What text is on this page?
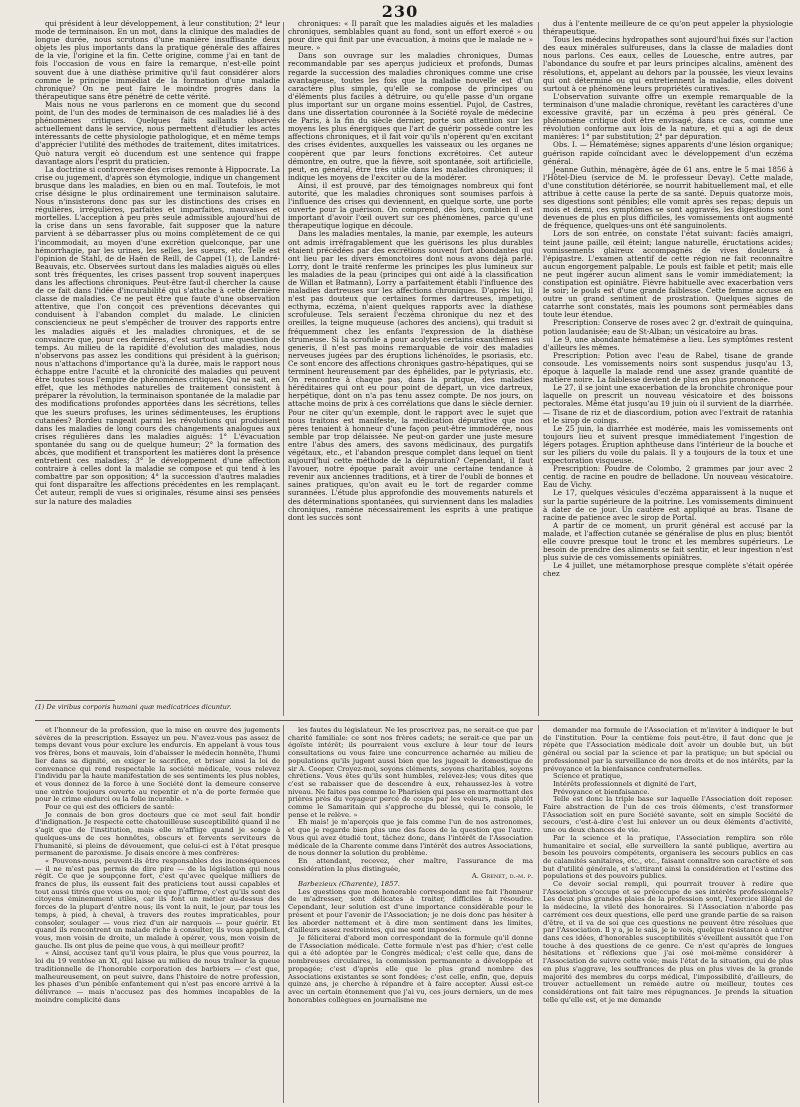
230

qui président à leur développement, à leur constitution; 2° leur mode de terminaison. En un mot, dans la clinique des maladies de longue durée, nous scrutons d'une manière insuffisante deux objets les plus importants dans la pratique générale des affaires de la vie, l'origine et la fin. Cette origine, comme j'ai en tant de fois l'occasion de vous en faire la remarque, n'est-elle point souvent due à une diathèse primitive qu'il faut considérer alors comme le principe immédiat de la formation d'une maladie chronique? On ne peut faire le moindre progrès dans la thérapeutique sans être pénétré de cette vérité.

Mais nous ne vous parlerons en ce moment que du second point, de l'un des modes de terminaison de ces maladies lié à des phénomènes critiques. Quelques faits saillants observés actuellement dans le service, nous permettent d'étudier les actes intéressants de cette physiologie pathologique, et en même temps d'apprécier l'utilité des méthodes de traitement, dites imitatrices. Quò natura vergit eò ducendum est une sentence qui frappe davantage alors l'esprit du praticien.

La doctrine si controversée des crises remonte à Hippocrate. La crise ou jugement, d'après son étymologie, indique un changement brusque dans les maladies, en bien ou en mal. Toutefois, le mot crise désigne le plus ordinairement une terminaison salutaire. Nous n'insisterons donc pas sur les distinctions des crises en régulières, irrégulières, parfaites et imparfaites, mauvaises et mortelles. L'acception à peu près seule admissible aujourd'hui de la crise dans un sens favorable, fait supposer que la nature parvient à se débarrasser plus ou moins complètement de ce qui l'incommodait, au moyen d'une excrétion quelconque, par une hémorrhagie, par les urines, les selles, les sueurs, etc. Telle est l'opinion de Stahl, de de Haën de Reill, de Cappel (1), de Landré-Beauvais, etc. Observées surtout dans les maladies aiguës où elles sont très fréquentes, les crises passent trop souvent inaperçues dans les affections chroniques. Peut-être faut-il chercher la cause de ce fait dans l'idée d'incurabilité qui s'attache à cette dernière classe de maladies. Ce ne peut être que faute d'une observation attentive, que l'on conçoit ces préventions décevantes qui conduisent à l'abandon complet du malade. Le clinicien consciencieux ne peut s'empêcher de trouver des rapports entre les maladies aiguës et les maladies chroniques, et de se convaincre que, pour ces dernières, c'est surtout une question de temps. Au milieu de la rapidité d'évolution des maladies, nous n'observons pas assez les conditions qui président à la guérison; nous n'attachons d'importance qu'à la durée, mais le rapport nous échappe entre l'acuité et la chronicité des maladies qui peuvent être toutes sous l'empire de phénomènes critiques. Qui ne sait, en effet, que les méthodes naturelles de traitement consistent à préparer la révolution, la terminaison spontanée de la maladie par des modifications profondes apportées dans les sécrétions, telles que les sueurs profuses, les urines sédimenteuses, les éruptions cutanées? Bordeu rangeait parmi les révolutions qui produisent dans les maladies de long cours des changements analogues aux crises régulières dans les maladies aiguës: 1° L'évacuation spontanée du sang ou de quelque humeur; 2° la formation des abcès, que modifient et transportent les matières dont la présence entretient ces maladies; 3° le développement d'une affection contraire à celles dont la maladie se compose et qui tend à les combattre par son opposition; 4° la succession d'autres maladies qui font disparaître les affections précédentes en les remplaçant. Cet auteur, rempli de vues si originales, résume ainsi ses pensées sur la nature des maladies

(1) De viribus corporis humani quæ medicatrices dicuntur.

chroniques: « Il paraît que les maladies aiguës et les maladies chroniques, semblables quant au fond, sont un effort exercé » ou pour dire qui finit par une évacuation, à moins que le malade ne » meure. »

Dans son ouvrage sur les maladies chroniques, Dumas recommandable par ses aperçus judicieux et profonds, Dumas regarde la succession des maladies chroniques comme une crise avantageuse, toutes les fois que la maladie nouvelle est d'un caractère plus simple, qu'elle se compose de principes ou d'éléments plus faciles à détruire, ou qu'elle passe d'un organe plus important sur un organe moins essentiel. Pujol, de Castres, dans une dissertation couronnée à la Société royale de médecine de Paris, à la fin du siècle dernier, porte son attention sur les moyens les plus énergiques que l'art de guérir possède contre les affections chroniques, et il fait voir qu'ils n'opèrent qu'en excitant des crises évidentes, auxquelles les vaisseaux ou les organes ne coopèrent que par leurs fonctions excrétoires. Cet auteur démontre, en outre, que la fièvre, soit spontanée, soit artificielle, peut, en général, être très utile dans les maladies chroniques; il indique les moyens de l'exciter ou de la modérer.

Ainsi, il est prouvé, par des témoignages nombreux qui font autorité, que les maladies chroniques sont soumises parfois à l'influence des crises qui deviennent, en quelque sorte, une porte ouverte pour la guérison. On comprend, dès lors, combien il est important d'avoir l'œil ouvert sur ces phénomènes, parce qu'une thérapeutique logique en découle.

Dans les maladies mentales, la manie, par exemple, les auteurs ont admis irréfragablement que les guérisons les plus durables étaient précédées par des excrétions souvent fort abondantes qui ont lieu par les divers émonctoires dont nous avons déjà parlé. Lorry, dont le traité renferme les principes les plus lumineux sur les maladies de la peau (principes qui ont aidé à la classification de Willan et Batmann), Lorry a parfaitement établi l'influence des maladies dartreuses sur les affections chroniques. D'après lui, il n'est pas douteux que certaines formes dartreuses, impetigo, ecthyma, eczéma, n'aient quelques rapports avec la diathèse scrofuleuse. Tels seraient l'eczéma chronique du nez et des oreilles, la teigne muqueuse (achores des anciens), qui traduit si fréquemment chez les enfants l'expression de la diathèse strumeuse. Si la scrofule a pour acolytes certains exanthèmes sui generis, il n'est pas moins remarquable de voir des maladies nerveuses jugées par des éruptions lichénoïdes, le psoriasis, etc. Ce sont encore des affections chroniques gastro-hépatiques, qui se terminent heureusement par des éphélides, par le pytyriasis, etc. On rencontre à chaque pas, dans la pratique, des maladies héréditaires qui ont eu pour point de départ, un vice dartreux, herpétique, dont on n'a pas tenu assez compte. De nos jours, on attache moins de prix à ces corrélations que dans le siècle dernier. Pour ne citer qu'un exemple, dont le rapport avec le sujet que nous traitons est manifeste, la médication dépurative que nos pères tenaient à honneur d'une façon peut-être immodérée, nous semble par trop délaissée. Ne peut-on garder une juste mesure entre l'abus des amers, des savons médicinaux, des purgatifs végétaux, etc., et l'abandon presque complet dans lequel on tient aujourd'hui cette méthode de la dépuration? Cependant, il faut l'avouer, notre époque paraît avoir une certaine tendance à revenir aux anciennes traditions, et à tirer de l'oubli de bonnes et saines pratiques, qu'on avait eu le tort de regarder comme surannées. L'étude plus approfondie des mouvements naturels et des déterminations spontanées, qui surviennent dans les maladies chroniques, ramène nécessairement les esprits à une pratique dont les succès sont

dus à l'entente meilleure de ce qu'on peut appeler la physiologie thérapeutique.

Tous les médecins hydropathes sont aujourd'hui fixés sur l'action des eaux minérales sulfureuses, dans la classe de maladies dont nous parlons. Ces eaux, celles de Louesche, entre autres, par l'abondance du soufre et par leurs principes alcalins, amènent des résolutions, et, appelant au dehors par la poussée, les vieux levains qui ont déterminé ou qui entretiennent la maladie, elles doivent surtout à ce phénomène leurs propriétés curatives.

L'observation suivante offre un exemple remarquable de la terminaison d'une maladie chronique, revêtant les caractères d'une excessive gravité, par un eczéma à peu près général. Ce phénomène critique doit être envisagé, dans ce cas, comme une révolution conforme aux lois de la nature, et qui a agi de deux manières: 1° par substitution; 2° par dépuration.

Obs. I. — Hématémèse; signes apparents d'une lésion organique; guérison rapide coïncidant avec le développement d'un eczéma général.

Jeanne Guthin, ménagère, âgée de 61 ans, entre le 5 mai 1856 à l'Hôtel-Dieu (service de M. le professeur Devay). Cette malade, d'une constitution détériorée, se nourrit habituellement mal, et elle attribue à cette cause la perte de sa santé. Depuis quatorze mois, ses digestions sont pénibles; elle vomit après ses repas; depuis un mois et demi, ces symptômes se sont aggravés, les digestions sont devenues de plus en plus difficiles, les vomissements ont augmenté de fréquence, quelques-uns ont été sanguinolents.

Lors de son entrée, on constate l'état suivant: faciès amaigri, teint jaune paille, œil éteint; langue naturelle, éructations acides; vomissements glaireux accompagnés de vives douleurs à l'épigastre. L'examen attentif de cette région ne fait reconnaître aucun engorgement palpable. Le pouls est faible et petit; mais elle ne peut ingérer aucun aliment sans le vomir immédiatement; la constipation est opiniâtre. Fièvre habituelle avec exacerbation vers le soir; le pouls est d'une grande faiblesse. Cette femme accuse en outre un grand sentiment de prostration. Quelques signes de catarrhe sont constatés, mais les poumons sont perméables dans toute leur étendue.

Prescription: Conserve de roses avec 2 gr. d'extrait de quinquina, potion laudanisée; eau de St-Alban; un vésicatoire au bras.

Le 9, une abondante hématémèse a lieu. Les symptômes restent d'ailleurs les mêmes.

Prescription: Potion avec l'eau de Rabel, tisane de grande consoude. Les vomissements noirs sont suspendus jusqu'au 13, époque à laquelle la malade rend une assez grande quantité de matière noire. La faiblesse devient de plus en plus prononcée.

Le 27, il se joint une exacerbation de la bronchite chronique pour laquelle on prescrit un nouveau vésicatoire et des boissons pectorales. Même état jusqu'au 19 juin où il survient de la diarrhée. — Tisane de riz et de diascordium, potion avec l'extrait de ratanhia et le sirop de coings.

Le 25 juin, la diarrhée est modérée, mais les vomissements ont toujours lieu et suivent presque immédiatement l'ingestion de légers potages. Éruption aphtheuse dans l'intérieur de la bouche et sur les piliers du voile du palais. Il y a toujours de la toux et une expectoration visqueuse.

Prescription: Poudre de Colombo, 2 grammes par jour avec 2 centig. de racine en poudre de belladone. Un nouveau vésicatoire. Eau de Vichy.

Le 17, quelques vésicules d'eczéma apparaissent à la nuque et sur la partie supérieure de la poitrine. Les vomissements diminuent à dater de ce jour. Un cautère est appliqué au bras. Tisane de racine de patience avec le sirop de Portal.

A partir de ce moment, un prurit général est accusé par la malade, et l'affection cutanée se généralise de plus en plus; bientôt elle couvre presque tout le tronc et les membres supérieurs. Le besoin de prendre des aliments se fait sentir, et leur ingestion n'est plus suivie de ces vomissements opiniâtres.

Le 4 juillet, une métamorphose presque complète s'était opérée chez

et l'honneur de la profession, que la mise en œuvre des jugements sévères de la prescription. Essayez un peu. N'avez-vous pas assez de temps devant vous pour exclure les endurcis. En appelant à vous tous vos frères, bons et mauvais, loin d'abaisser le médecin honnête, l'humi lier dans sa dignité, en exiger le sacrifice, et briser ainsi la loi de convenance qui rend respectable la société médicale, vous relevez l'individu par la haute manifestation de ses sentiments les plus nobles, et vous donnez de la force à une Société dont la demeure conserve une entrée toujours ouverte au repentir et n'a de porte fermée que pour le crime endurci ou la folie incurable. »

Pour ce qui est des officiers de santé:

Je connais de bon gros docteurs que ce mot seul fait bondir d'indignation. Je respecte cette chatouilleuse susceptibilité quand il ne s'agit que de l'institution, mais elle m'afflige quand je songe à quelques-uns de ces honnêtes, obscurs et fervents serviteurs de l'humanité, si pleins de dévouement, que celui-ci est à l'état presque permanent de paroxisme. Je disais encore à mes confrères:

« Pouvons-nous, peuvent-ils être responsables des inconséquences — il ne m'est pas permis de dire pire — de la législation qui nous régit. Ce que je soupçonne fort, c'est qu'avec quelque milliers de francs de plus, ils eussent fait des praticiens tout aussi capables et tout aussi titrés que vous ou moi; ce que j'affirme, c'est qu'ils sont des citoyens éminemment utiles, car ils font un métier au-dessus des forces de la plupart d'entre nous; ils vont la nuit, le jour, par tous les temps, à pied, à cheval, à travers des routes impraticables, pour consoler, soulager — vous riez d'un air narquois — pour guérir. Et quand ils rencontrent un malade riche à consulter, ils vous appellent, vous, mon voisin de droite, un malade à opérer, vous, mon voisin de gauche. Ils ont plus de peine que vous, à qui meilleur profit?

« Ainsi, accusez tant qu'il vous plaira, le plus que vous pourrez, la loi du 19 ventôse an XI, qui laisse au milieu de nous traîner la queue traditionnelle de l'honorable corporation des barbiers — c'est que, malheureusement, on peut suivre, dans l'histoire de notre profession, les phases d'un pénible enfantement qui n'est pas encore arrivé à la délivrance — mais n'accusez pas des hommes incapables de la moindre complicité dans

les fautes du législateur. Ne les proscrivez pas, ne serait-ce que par charité familiale: ce sont nos frères cadets; ne serait-ce que par un égoïste intérêt; ils pourraient vous exclure à leur tour de leurs consultations ou vous faire une concurrence acharnée au milieu de populations qu'ils jugent aussi bien que les jugeait le domestique de sir A. Cooper. Croyez-moi, soyons cléments, soyons charitables, soyons chrétiens. Vous êtes qu'ils sont humbles, relevez-les; vous dites que c'est se rabaisser que de descendre à eux, rehaussez-les à votre niveau. Ne faites pas comme le Pharisien qui passe en marmottant des prières près du voyageur percé de coups par les voleurs, mais plutôt comme le Samaritain qui s'approche du blessé, qui le console, le pense et le relève. »

Eh mais! je m'aperçois que je fais comme l'un de nos astronomes, et que je regarde bien plus une des faces de la question que l'autre. Vous qui avez étudié tout, tâchez donc, dans l'intérêt de l'Association médicale de la Charente comme dans l'intérêt des autres Associations, de nous donner la solution du problème.

En attendant, recevez, cher maître, l'assurance de ma considération la plus distinguée,

A. Grenet, d.-m. p.

Barbezieux (Charente), 1857.

Les questions que mon honorable correspondant me fait l'honneur de m'adresser, sont délicates à traiter, difficiles à résoudre. Cependant, leur solution est d'une importance considérable pour le présent et pour l'avenir de l'Association; je ne dois donc pas hésiter à les aborder nettement et à dire mon sentiment dans les limites, d'ailleurs assez restreintes, qui me sont imposées.

Je féliciterai d'abord mon correspondant de la formule qu'il donne de l'Association médicale. Cette formule n'est pas d'hier; c'est celle qui a été adoptée par le Congrès médical; c'est celle que, dans de nombreuses circulaires, la commission permanente a développée et propagée; c'est d'après elle que le plus grand nombre des Associations existantes se sont fondées; c'est celle, enfin, que, depuis quinze ans, je cherche à répandre et à faire accepter. Aussi est-ce avec un certain étonnement que j'ai vu, ces jours derniers, un de mes honorables collègues en journalisme me

demander ma formule de l'Association et m'inviter à indiquer le but de l'institution. Pour la centième fois peut-être, il faut donc que je répète que l'Association médicale doit avoir un double but, un but général ou social par la science et par la pratique; un but spécial ou professionnel par la surveillance de nos droits et de nos intérêts, par la prévoyance et la bienfaisance confraternelles.

Science et pratique,

Intérêts professionnels et dignité de l'art,

Prévoyance et bienfaisance.

Telle est donc la triple base sur laquelle l'Association doit reposer. Faire abstraction de l'un de ces trois éléments, c'est transformer l'Association soit en pure Société savante, soit en simple Société de secours, c'est-à-dire c'est lui enlever un ou deux éléments d'activité, une ou deux chances de vie.

Par la science et la pratique, l'Association remplira son rôle humanitaire et social, elle surveillera la santé publique, avertira au besoin les pouvoirs compétents, organisera les secours publics en cas de calamités sanitaires, etc., etc., faisant connaître son caractère et son but d'utilité générale, et s'attirant ainsi la considération et l'estime des populations et des pouvoirs publics.

Ce devoir social rempli, qui pourrait trouver à redire que l'Association s'occupe et se préoccupe de ses intérêts professionnels? Les deux plus grandes plaies de la profession sont, l'exercice illégal de la médecine, la vileté des honoraires. Si l'Association n'aborde pas carrément ces deux questions, elle perd une grande partie de sa raison d'être, et il va de soi que ces questions ne peuvent être résolues que par l'Association. Il y a, je le sais, je le vois, quelque résistance à entrer dans ces idées, d'honorables susceptibilités s'éveillent aussitôt que l'on touche à des questions de ce genre. Ce n'est qu'après de longues hésitations et réflexions que j'ai osé moi-même considérer à l'Association de suivre cette voie; mais l'état de la situation, qui de plus en plus s'aggrave, les souffrances de plus en plus vives de la grande majorité des membres du corps médical, l'impossibilité, d'ailleurs, de trouver actuellement un remède autre ou meilleur, toutes ces considérations ont fait taire mes répugnances. Je prends la situation telle qu'elle est, et je me demande
